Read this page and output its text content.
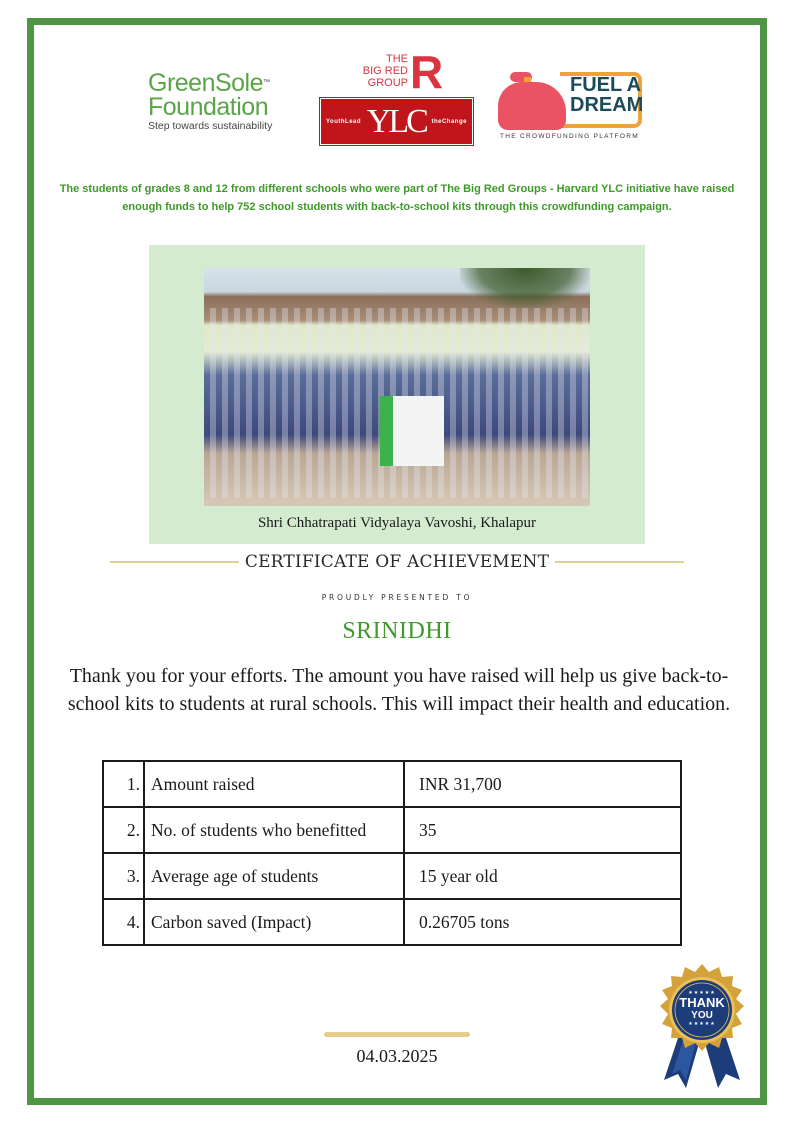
GreenSole™
Foundation
Step towards sustainability
THE
BIG RED
GROUP R
YouthLead YLC theChange
FUEL A
DREAM
THE CROWDFUNDING PLATFORM
The students of grades 8 and 12 from different schools who were part of The Big Red Groups - Harvard YLC initiative have raised enough funds to help 752 school students with back-to-school kits through this crowdfunding campaign.
Shri Chhatrapati Vidyalaya Vavoshi, Khalapur
CERTIFICATE OF ACHIEVEMENT
PROUDLY PRESENTED TO
SRINIDHI
Thank you for your efforts. The amount you have raised will help us give back-to-school kits to students at rural schools. This will impact their health and education.
1.	Amount raised	INR 31,700
2.	No. of students who benefitted	35
3.	Average age of students	15 year old
4.	Carbon saved (Impact)	0.26705 tons
★★★★★
THANK
YOU
★★★★★
04.03.2025
